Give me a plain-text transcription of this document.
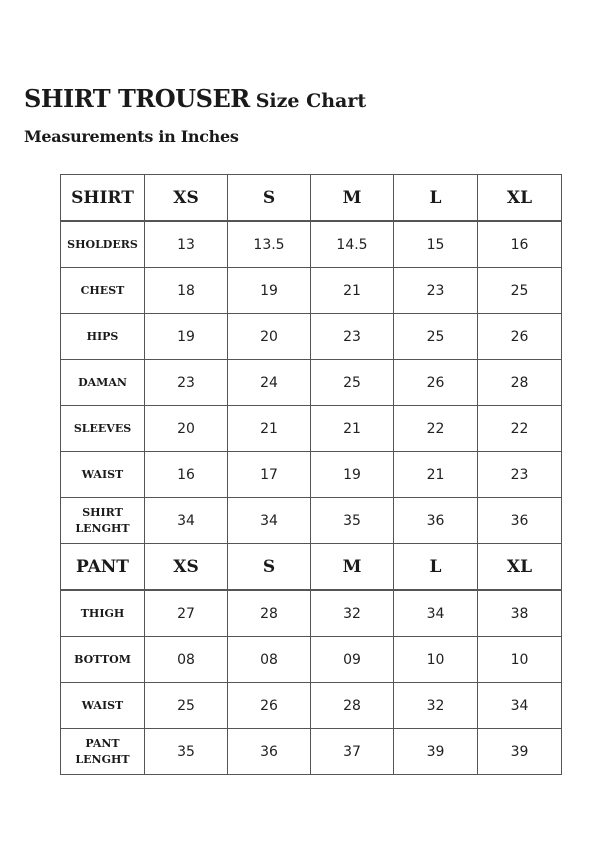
SHIRT TROUSER Size Chart
Measurements in Inches
SHIRT	XS	S	M	L	XL

SHOLDERS	13	13.5	14.5	15	16

CHEST	18	19	21	23	25

HIPS	19	20	23	25	26

DAMAN	23	24	25	26	28

SLEEVES	20	21	21	22	22

WAIST	16	17	19	21	23

SHIRT
LENGHT	34	34	35	36	36
PANT	XS	S	M	L	XL

THIGH	27	28	32	34	38

BOTTOM	08	08	09	10	10

WAIST	25	26	28	32	34

PANT
LENGHT	35	36	37	39	39
